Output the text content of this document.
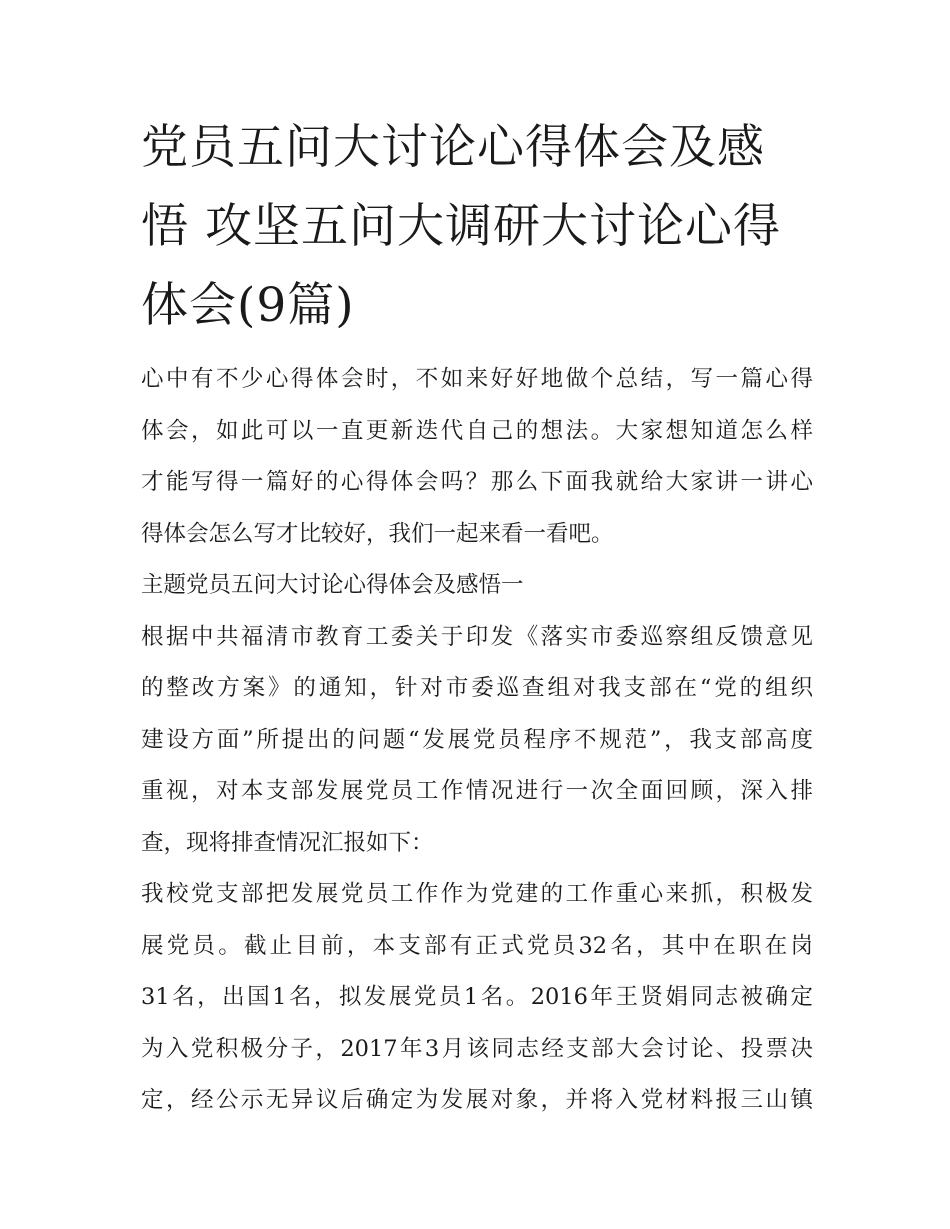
党员五问大讨论心得体会及感
悟 攻坚五问大调研大讨论心得
体会(9篇)

心中有不少心得体会时，不如来好好地做个总结，写一篇心得
体会，如此可以一直更新迭代自己的想法。大家想知道怎么样
才能写得一篇好的心得体会吗？那么下面我就给大家讲一讲心
得体会怎么写才比较好，我们一起来看一看吧。

主题党员五问大讨论心得体会及感悟一

根据中共福清市教育工委关于印发《落实市委巡察组反馈意见
的整改方案》的通知，针对市委巡查组对我支部在“党的组织
建设方面”所提出的问题“发展党员程序不规范”，我支部高度
重视，对本支部发展党员工作情况进行一次全面回顾，深入排
查，现将排查情况汇报如下：

我校党支部把发展党员工作作为党建的工作重心来抓，积极发
展党员。截止目前，本支部有正式党员32名，其中在职在岗
31名，出国1名，拟发展党员1名。2016年王贤娟同志被确定
为入党积极分子，2017年3月该同志经支部大会讨论、投票决
定，经公示无异议后确定为发展对象，并将入党材料报三山镇
